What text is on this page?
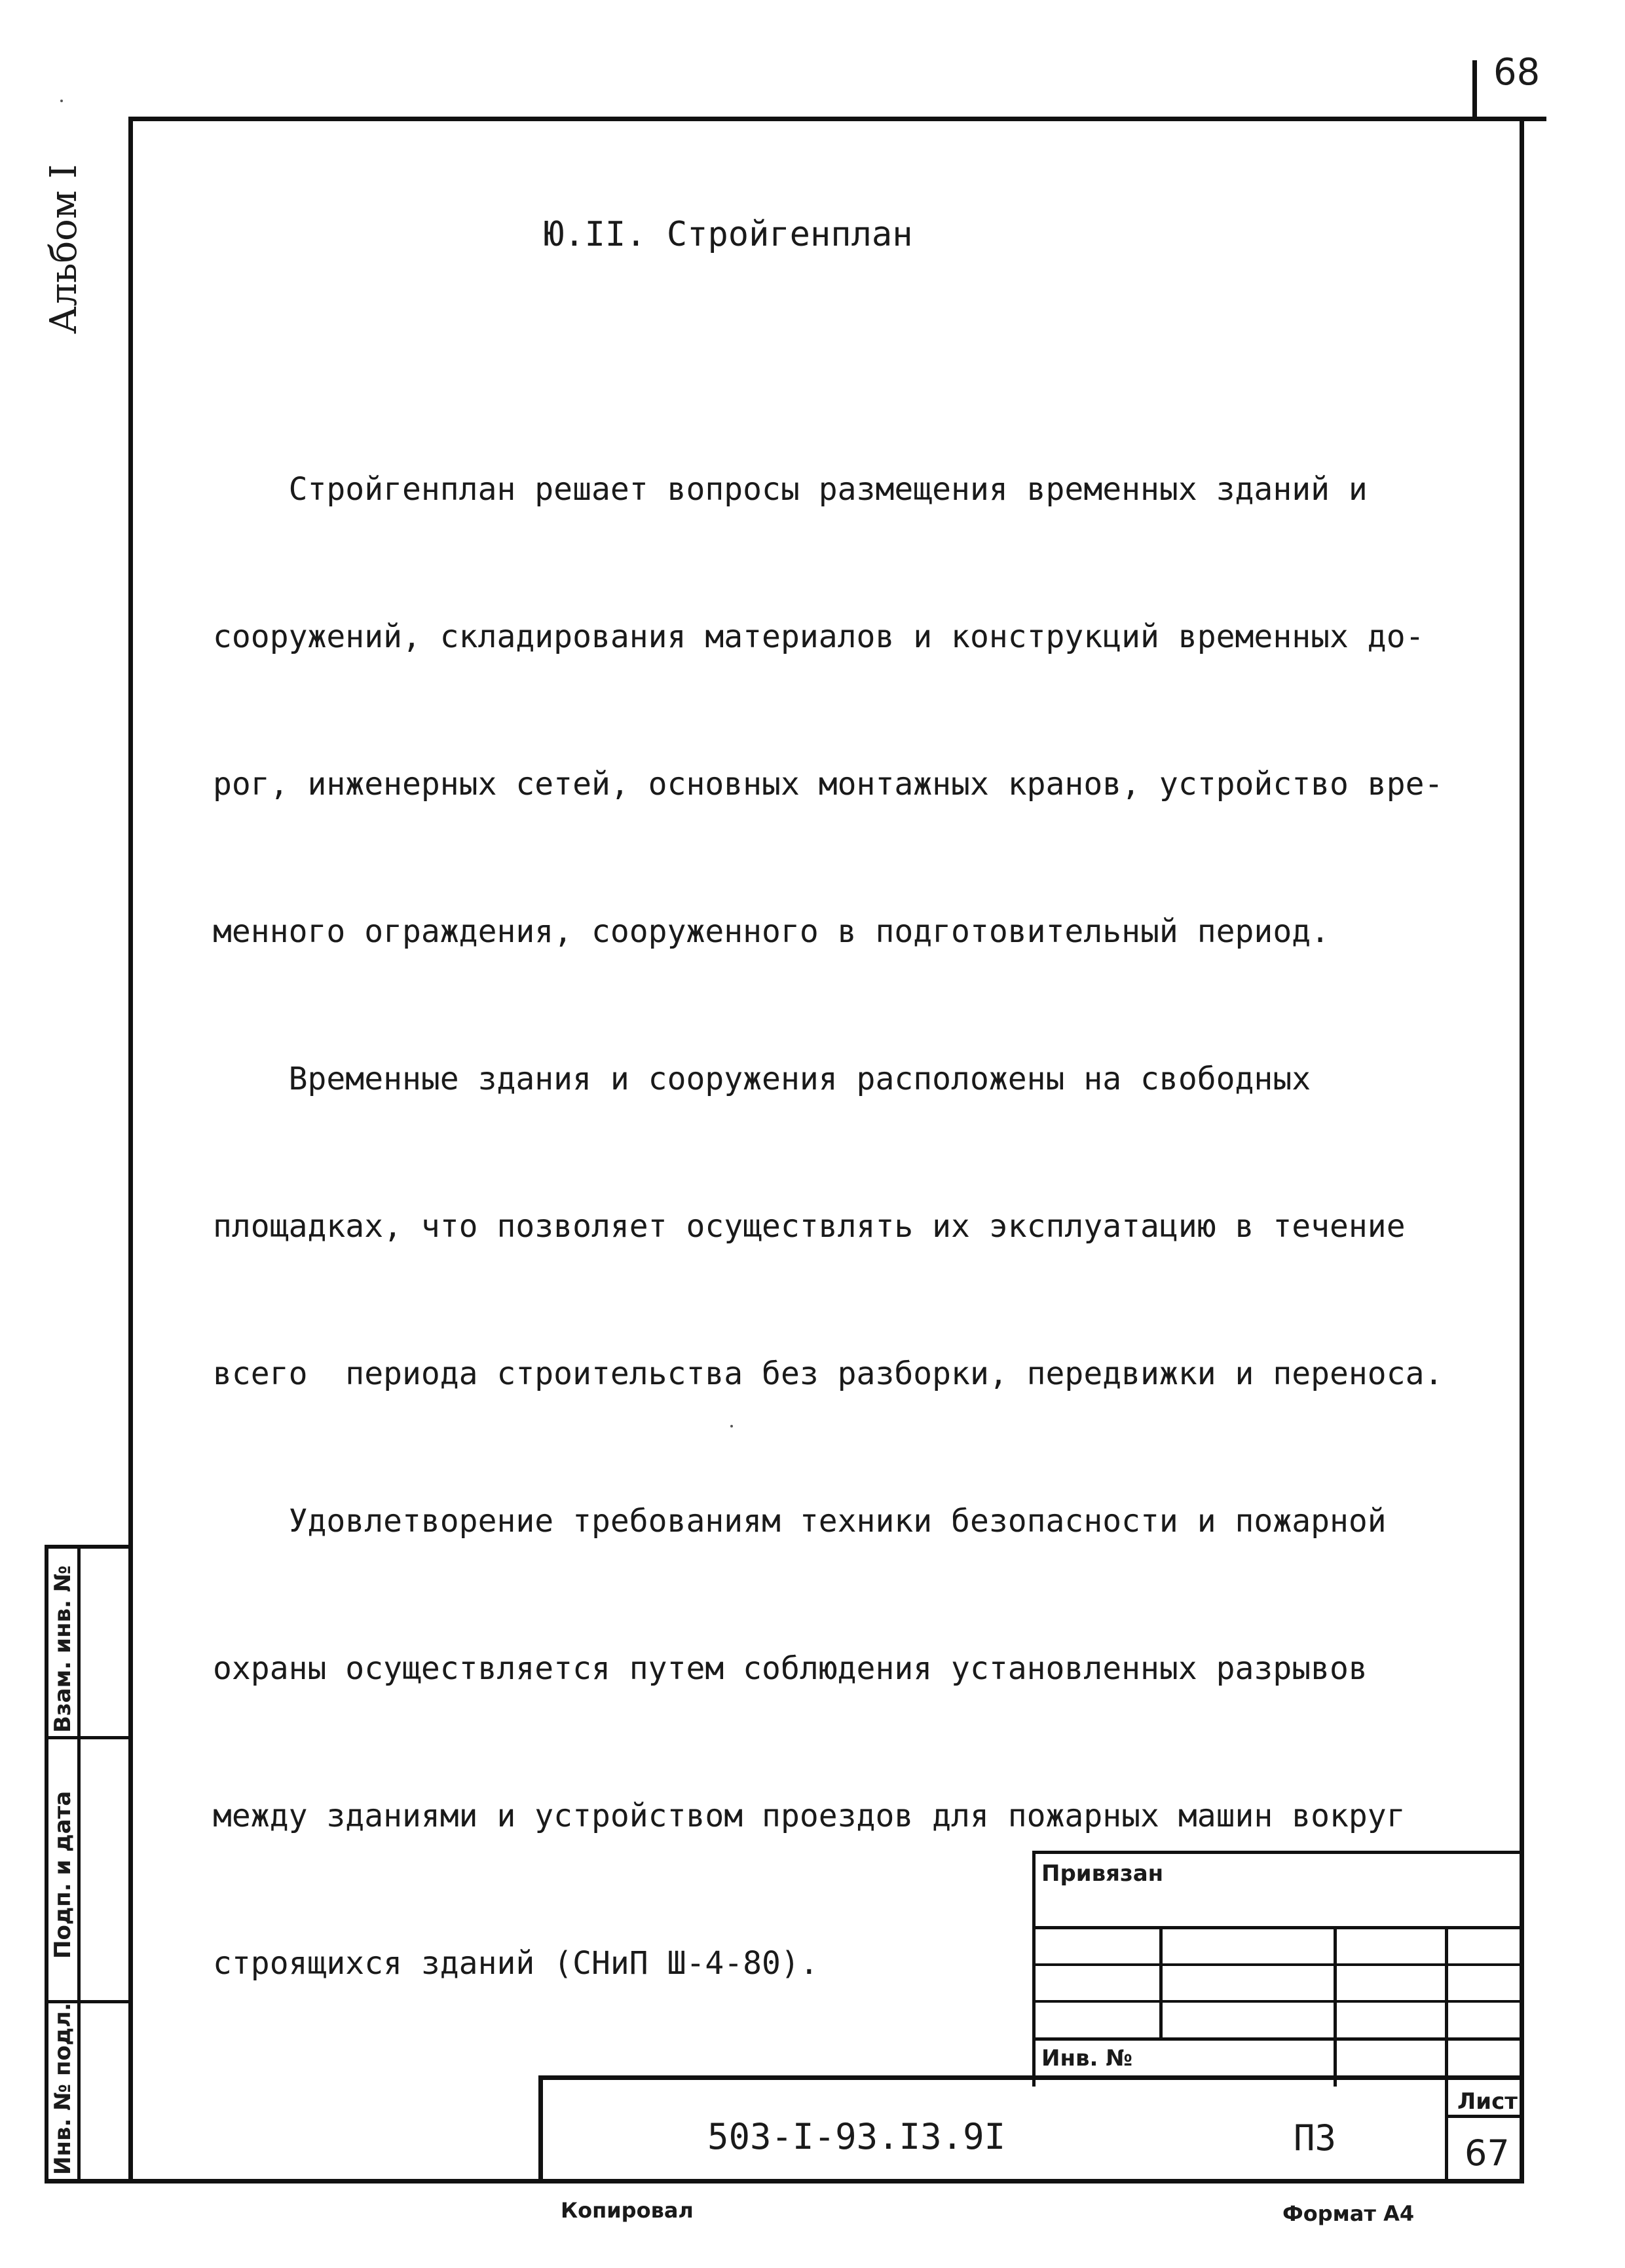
68
Альбом I	Ю.II. Стройгенплан

Стройгенплан решает вопросы размещения временных зданий и

сооружений, складирования материалов и конструкций временных до-

рог, инженерных сетей, основных монтажных кранов, устройство вре-

менного ограждения, сооруженного в подготовительный период.

Временные здания и сооружения расположены на свободных

площадках, что позволяет осуществлять их эксплуатацию в течение

всего  периода строительства без разборки, передвижки и переноса.

Удовлетворение требованиям техники безопасности и пожарной

охраны осуществляется путем соблюдения установленных разрывов

между зданиями и устройством проездов для пожарных машин вокруг

строящихся зданий (СНиП Ш-4-80).

Взам. инв. №
Подп. и дата
Инв. № подл.
Привязан
Инв. №
503-I-93.I3.9I	ПЗ
Лист
67
Копировал	Формат А4
